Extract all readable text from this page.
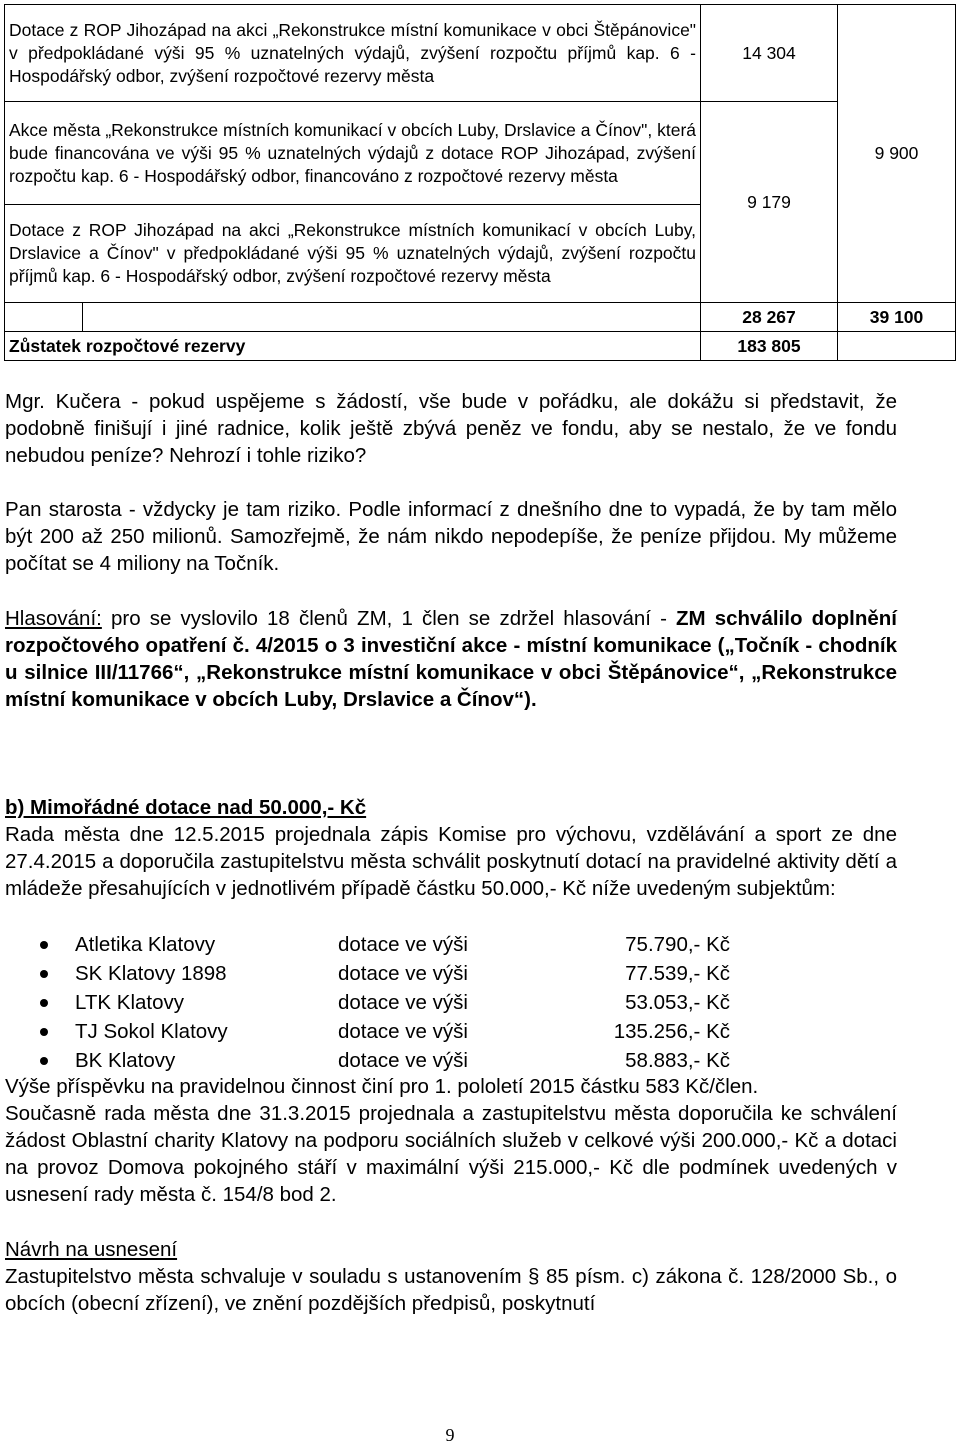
Dotace z ROP Jihozápad na akci „Rekonstrukce místní komunikace v obci Štěpánovice" v předpokládané výši 95 % uznatelných výdajů, zvýšení rozpočtu příjmů kap. 6 - Hospodářský odbor, zvýšení rozpočtové rezervy města		14 304	9 900

Akce města „Rekonstrukce místních komunikací v obcích Luby, Drslavice a Čínov", která bude financována ve výši 95 % uznatelných výdajů z dotace ROP Jihozápad, zvýšení rozpočtu kap. 6 - Hospodářský odbor, financováno z rozpočtové rezervy města		9 179	

Dotace z ROP Jihozápad na akci „Rekonstrukce místních komunikací v obcích Luby, Drslavice a Čínov" v předpokládané výši 95 % uznatelných výdajů, zvýšení rozpočtu příjmů kap. 6 - Hospodářský odbor, zvýšení rozpočtové rezervy města			

		28 267	39 100
Zůstatek rozpočtové rezervy		183 805	
Mgr. Kučera - pokud uspějeme s žádostí, vše bude v pořádku, ale dokážu si představit, že podobně finišují i jiné radnice, kolik ještě zbývá peněz ve fondu, aby se nestalo, že ve fondu nebudou peníze? Nehrozí i tohle riziko?
Pan starosta - vždycky je tam riziko. Podle informací z dnešního dne to vypadá, že by tam mělo být 200 až 250 milionů. Samozřejmě, že nám nikdo nepodepíše, že peníze přijdou. My můžeme počítat se 4 miliony na Točník.
Hlasování: pro se vyslovilo 18 členů ZM, 1 člen se zdržel hlasování - ZM schválilo doplnění rozpočtového opatření č. 4/2015 o 3 investiční akce - místní komunikace („Točník - chodník u silnice III/11766“, „Rekonstrukce místní komunikace v obci Štěpánovice“, „Rekonstrukce místní komunikace v obcích Luby, Drslavice a Čínov“).
b) Mimořádné dotace nad 50.000,- Kč
Rada města dne 12.5.2015 projednala zápis Komise pro výchovu, vzdělávání a sport ze dne 27.4.2015 a doporučila zastupitelstvu města schválit poskytnutí dotací na pravidelné aktivity dětí a mládeže přesahujících v jednotlivém případě částku 50.000,- Kč níže uvedeným subjektům:
Atletika Klatovy	dotace ve výši	75.790,- Kč
SK Klatovy 1898	dotace ve výši	77.539,- Kč
LTK Klatovy	dotace ve výši	53.053,- Kč
TJ Sokol Klatovy	dotace ve výši	135.256,- Kč
BK Klatovy	dotace ve výši	58.883,- Kč
Výše příspěvku na pravidelnou činnost činí pro 1. pololetí 2015 částku 583 Kč/člen.
Současně rada města dne 31.3.2015 projednala a zastupitelstvu města doporučila ke schválení žádost Oblastní charity Klatovy na podporu sociálních služeb v celkové výši 200.000,- Kč a dotaci na provoz Domova pokojného stáří v maximální výši 215.000,- Kč dle podmínek uvedených v usnesení rady města č. 154/8 bod 2.
Návrh na usnesení
Zastupitelstvo města schvaluje v souladu s ustanovením § 85 písm. c) zákona č. 128/2000 Sb., o obcích (obecní zřízení), ve znění pozdějších předpisů, poskytnutí
9
